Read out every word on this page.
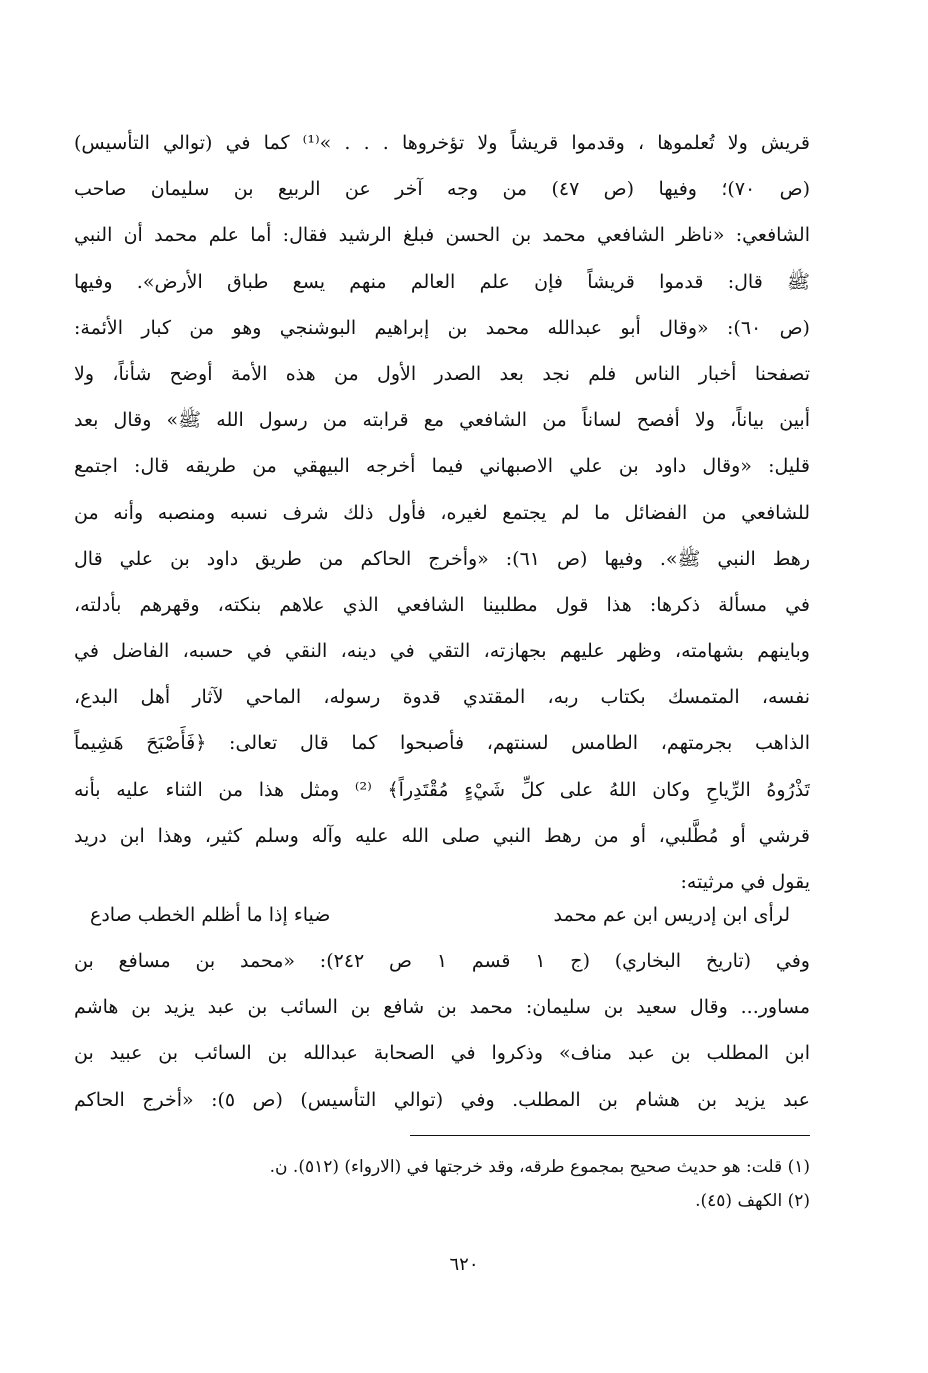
قريش ولا تُعلموها ، وقدموا قريشاً ولا تؤخروها . . . »⁽¹⁾ كما في (توالي التأسيس)
(ص ٧٠)؛ وفيها (ص ٤٧) من وجه آخر عن الربيع بن سليمان صاحب
الشافعي: «ناظر الشافعي محمد بن الحسن فبلغ الرشيد فقال: أما علم محمد أن النبي
ﷺ قال: قدموا قريشاً فإن علم العالم منهم يسع طباق الأرض». وفيها
(ص ٦٠): «وقال أبو عبدالله محمد بن إبراهيم البوشنجي وهو من كبار الأئمة:
تصفحنا أخبار الناس فلم نجد بعد الصدر الأول من هذه الأمة أوضح شأناً، ولا
أبين بياناً، ولا أفصح لساناً من الشافعي مع قرابته من رسول الله ﷺ» وقال بعد
قليل: «وقال داود بن علي الاصبهاني فيما أخرجه البيهقي من طريقه قال: اجتمع
للشافعي من الفضائل ما لم يجتمع لغيره، فأول ذلك شرف نسبه ومنصبه وأنه من
رهط النبي ﷺ». وفيها (ص ٦١): «وأخرج الحاكم من طريق داود بن علي قال
في مسألة ذكرها: هذا قول مطلبينا الشافعي الذي علاهم بنكته، وقهرهم بأدلته،
وباينهم بشهامته، وظهر عليهم بجهازته، التقي في دينه، النقي في حسبه، الفاضل في
نفسه، المتمسك بكتاب ربه، المقتدي قدوة رسوله، الماحي لآثار أهل البدع،
الذاهب بجرمتهم، الطامس لسنتهم، فأصبحوا كما قال تعالى: ﴿فَأَصْبَحَ هَشِيماً
تَذْرُوهُ الرِّياحِ وكان اللهُ على كلِّ شَيْءٍ مُقْتَدِراً﴾ ⁽²⁾ ومثل هذا من الثناء عليه بأنه
قرشي أو مُطَّلبي، أو من رهط النبي صلى الله عليه وآله وسلم كثير، وهذا ابن دريد
يقول في مرثيته:
لرأى ابن إدريس ابن عم محمد
ضياء إذا ما أظلم الخطب صادع
وفي (تاريخ البخاري) (ج ١ قسم ١ ص ٢٤٢): «محمد بن مسافع بن
مساور... وقال سعيد بن سليمان: محمد بن شافع بن السائب بن عبد يزيد بن هاشم
ابن المطلب بن عبد مناف» وذكروا في الصحابة عبدالله بن السائب بن عبيد بن
عبد يزيد بن هشام بن المطلب. وفي (توالي التأسيس) (ص ٥): «أخرج الحاكم
(١) قلت: هو حديث صحيح بمجموع طرقه، وقد خرجتها في (الارواء) (٥١٢). ن.
(٢) الكهف (٤٥).
٦٢٠
